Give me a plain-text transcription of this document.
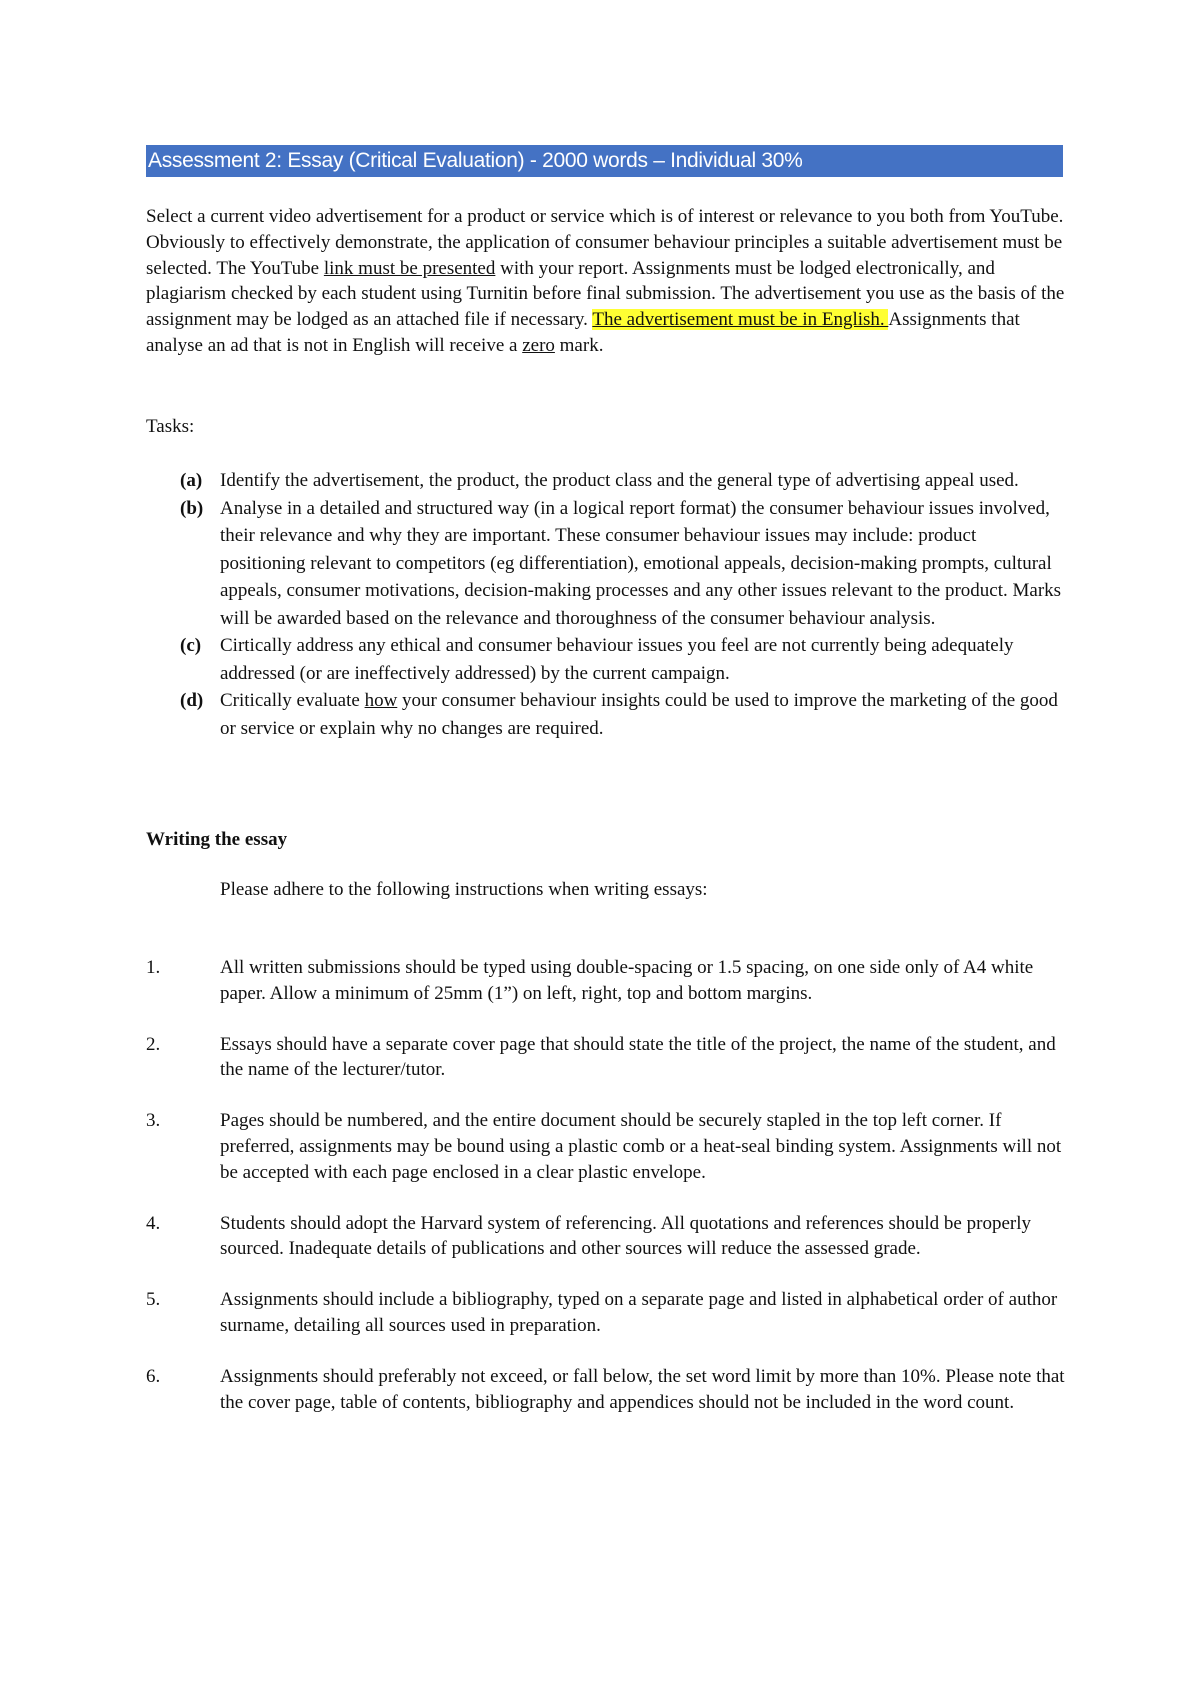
Assessment 2: Essay (Critical Evaluation) - 2000 words – Individual 30%
Select a current video advertisement for a product or service which is of interest or relevance to you both from YouTube. Obviously to effectively demonstrate, the application of consumer behaviour principles a suitable advertisement must be selected. The YouTube link must be presented with your report. Assignments must be lodged electronically, and plagiarism checked by each student using Turnitin before final submission. The advertisement you use as the basis of the assignment may be lodged as an attached file if necessary. The advertisement must be in English. Assignments that analyse an ad that is not in English will receive a zero mark.
Tasks:
(a) Identify the advertisement, the product, the product class and the general type of advertising appeal used.
(b) Analyse in a detailed and structured way (in a logical report format) the consumer behaviour issues involved, their relevance and why they are important. These consumer behaviour issues may include: product positioning relevant to competitors (eg differentiation), emotional appeals, decision-making prompts, cultural appeals, consumer motivations, decision-making processes and any other issues relevant to the product. Marks will be awarded based on the relevance and thoroughness of the consumer behaviour analysis.
(c) Cirtically address any ethical and consumer behaviour issues you feel are not currently being adequately addressed (or are ineffectively addressed) by the current campaign.
(d) Critically evaluate how your consumer behaviour insights could be used to improve the marketing of the good or service or explain why no changes are required.
Writing the essay
Please adhere to the following instructions when writing essays:
1.	All written submissions should be typed using double-spacing or 1.5 spacing, on one side only of A4 white paper. Allow a minimum of 25mm (1”) on left, right, top and bottom margins.
2.	Essays should have a separate cover page that should state the title of the project, the name of the student, and the name of the lecturer/tutor.
3.	Pages should be numbered, and the entire document should be securely stapled in the top left corner. If preferred, assignments may be bound using a plastic comb or a heat-seal binding system. Assignments will not be accepted with each page enclosed in a clear plastic envelope.
4.	Students should adopt the Harvard system of referencing. All quotations and references should be properly sourced. Inadequate details of publications and other sources will reduce the assessed grade.
5.	Assignments should include a bibliography, typed on a separate page and listed in alphabetical order of author surname, detailing all sources used in preparation.
6.	Assignments should preferably not exceed, or fall below, the set word limit by more than 10%. Please note that the cover page, table of contents, bibliography and appendices should not be included in the word count.
